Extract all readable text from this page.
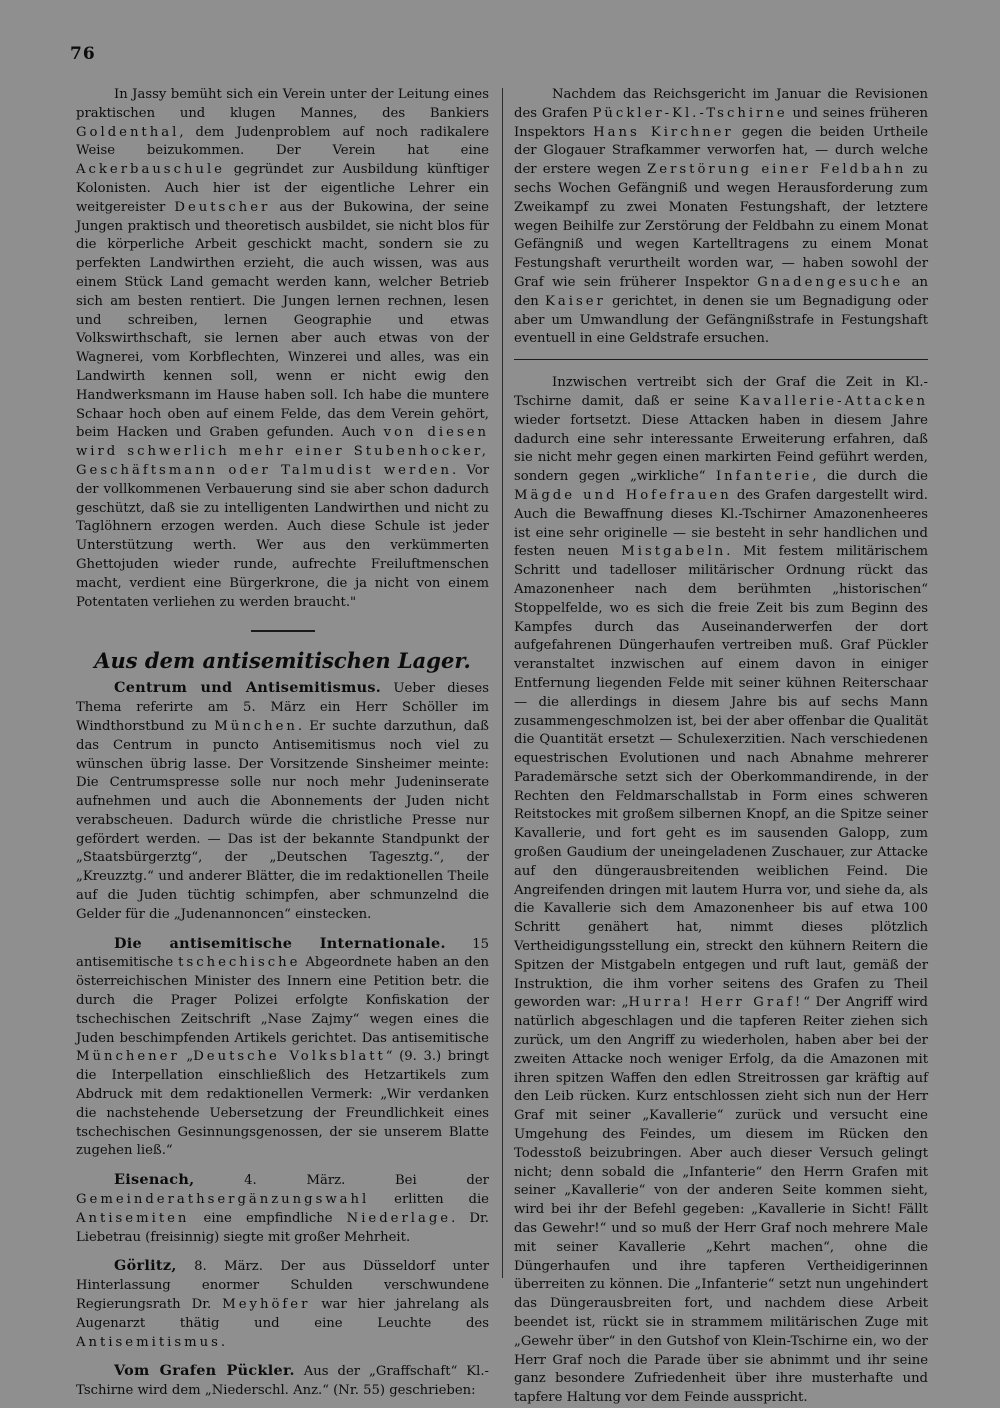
76

In Jassy bemüht sich ein Verein unter der Leitung eines praktischen und klugen Mannes, des Bankiers Goldenthal, dem Judenproblem auf noch radikalere Weise beizukommen. Der Verein hat eine Ackerbauschule gegründet zur Ausbildung künftiger Kolonisten. Auch hier ist der eigentliche Lehrer ein weitgereister Deutscher aus der Bukowina, der seine Jungen praktisch und theoretisch ausbildet, sie nicht blos für die körperliche Arbeit geschickt macht, sondern sie zu perfekten Landwirthen erzieht, die auch wissen, was aus einem Stück Land gemacht werden kann, welcher Betrieb sich am besten rentiert. Die Jungen lernen rechnen, lesen und schreiben, lernen Geographie und etwas Volkswirthschaft, sie lernen aber auch etwas von der Wagnerei, vom Korbflechten, Winzerei und alles, was ein Landwirth kennen soll, wenn er nicht ewig den Handwerksmann im Hause haben soll. Ich habe die muntere Schaar hoch oben auf einem Felde, das dem Verein gehört, beim Hacken und Graben gefunden. Auch von diesen wird schwerlich mehr einer Stubenhocker, Geschäftsmann oder Talmudist werden. Vor der vollkommenen Verbauerung sind sie aber schon dadurch geschützt, daß sie zu intelligenten Landwirthen und nicht zu Taglöhnern erzogen werden. Auch diese Schule ist jeder Unterstützung werth. Wer aus den verkümmerten Ghettojuden wieder runde, aufrechte Freiluftmenschen macht, verdient eine Bürgerkrone, die ja nicht von einem Potentaten verliehen zu werden braucht."

Aus dem antisemitischen Lager.

Centrum und Antisemitismus. Ueber dieses Thema referirte am 5. März ein Herr Schöller im Windthorstbund zu München. Er suchte darzuthun, daß das Centrum in puncto Antisemitismus noch viel zu wünschen übrig lasse. Der Vorsitzende Sinsheimer meinte: Die Centrumspresse solle nur noch mehr Judeninserate aufnehmen und auch die Abonnements der Juden nicht verabscheuen. Dadurch würde die christliche Presse nur gefördert werden. — Das ist der bekannte Standpunkt der „Staatsbürgerztg“, der „Deutschen Tagesztg.“, der „Kreuzztg.“ und anderer Blätter, die im redaktionellen Theile auf die Juden tüchtig schimpfen, aber schmunzelnd die Gelder für die „Judenannoncen“ einstecken.

Die antisemitische Internationale. 15 antisemitische tschechische Abgeordnete haben an den österreichischen Minister des Innern eine Petition betr. die durch die Prager Polizei erfolgte Konfiskation der tschechischen Zeitschrift „Nase Zajmy“ wegen eines die Juden beschimpfenden Artikels gerichtet. Das antisemitische Münchener „Deutsche Volksblatt“ (9. 3.) bringt die Interpellation einschließlich des Hetzartikels zum Abdruck mit dem redaktionellen Vermerk: „Wir verdanken die nachstehende Uebersetzung der Freundlichkeit eines tschechischen Gesinnungsgenossen, der sie unserem Blatte zugehen ließ.“

Eisenach, 4. März. Bei der Gemeinderathsergänzungswahl erlitten die Antisemiten eine empfindliche Niederlage. Dr. Liebetrau (freisinnig) siegte mit großer Mehrheit.

Görlitz, 8. März. Der aus Düsseldorf unter Hinterlassung enormer Schulden verschwundene Regierungsrath Dr. Meyhöfer war hier jahrelang als Augenarzt thätig und eine Leuchte des Antisemitismus.

Vom Grafen Pückler. Aus der „Graffschaft“ Kl.-Tschirne wird dem „Niederschl. Anz.“ (Nr. 55) geschrieben:

Nachdem das Reichsgericht im Januar die Revisionen des Grafen Pückler-Kl.-Tschirne und seines früheren Inspektors Hans Kirchner gegen die beiden Urtheile der Glogauer Strafkammer verworfen hat, — durch welche der erstere wegen Zerstörung einer Feldbahn zu sechs Wochen Gefängniß und wegen Herausforderung zum Zweikampf zu zwei Monaten Festungshaft, der letztere wegen Beihilfe zur Zerstörung der Feldbahn zu einem Monat Gefängniß und wegen Kartelltragens zu einem Monat Festungshaft verurtheilt worden war, — haben sowohl der Graf wie sein früherer Inspektor Gnadengesuche an den Kaiser gerichtet, in denen sie um Begnadigung oder aber um Umwandlung der Gefängnißstrafe in Festungshaft eventuell in eine Geldstrafe ersuchen.

Inzwischen vertreibt sich der Graf die Zeit in Kl.-Tschirne damit, daß er seine Kavallerie-Attacken wieder fortsetzt. Diese Attacken haben in diesem Jahre dadurch eine sehr interessante Erweiterung erfahren, daß sie nicht mehr gegen einen markirten Feind geführt werden, sondern gegen „wirkliche“ Infanterie, die durch die Mägde und Hofefrauen des Grafen dargestellt wird. Auch die Bewaffnung dieses Kl.-Tschirner Amazonenheeres ist eine sehr originelle — sie besteht in sehr handlichen und festen neuen Mistgabeln. Mit festem militärischem Schritt und tadelloser militärischer Ordnung rückt das Amazonenheer nach dem berühmten „historischen“ Stoppelfelde, wo es sich die freie Zeit bis zum Beginn des Kampfes durch das Auseinanderwerfen der dort aufgefahrenen Düngerhaufen vertreiben muß. Graf Pückler veranstaltet inzwischen auf einem davon in einiger Entfernung liegenden Felde mit seiner kühnen Reiterschaar — die allerdings in diesem Jahre bis auf sechs Mann zusammengeschmolzen ist, bei der aber offenbar die Qualität die Quantität ersetzt — Schulexerzitien. Nach verschiedenen equestrischen Evolutionen und nach Abnahme mehrerer Parademärsche setzt sich der Oberkommandirende, in der Rechten den Feldmarschallstab in Form eines schweren Reitstockes mit großem silbernen Knopf, an die Spitze seiner Kavallerie, und fort geht es im sausenden Galopp, zum großen Gaudium der uneingeladenen Zuschauer, zur Attacke auf den düngerausbreitenden weiblichen Feind. Die Angreifenden dringen mit lautem Hurra vor, und siehe da, als die Kavallerie sich dem Amazonenheer bis auf etwa 100 Schritt genähert hat, nimmt dieses plötzlich Vertheidigungsstellung ein, streckt den kühnern Reitern die Spitzen der Mistgabeln entgegen und ruft laut, gemäß der Instruktion, die ihm vorher seitens des Grafen zu Theil geworden war: „Hurra! Herr Graf!“ Der Angriff wird natürlich abgeschlagen und die tapferen Reiter ziehen sich zurück, um den Angriff zu wiederholen, haben aber bei der zweiten Attacke noch weniger Erfolg, da die Amazonen mit ihren spitzen Waffen den edlen Streitrossen gar kräftig auf den Leib rücken. Kurz entschlossen zieht sich nun der Herr Graf mit seiner „Kavallerie“ zurück und versucht eine Umgehung des Feindes, um diesem im Rücken den Todesstoß beizubringen. Aber auch dieser Versuch gelingt nicht; denn sobald die „Infanterie“ den Herrn Grafen mit seiner „Kavallerie“ von der anderen Seite kommen sieht, wird bei ihr der Befehl gegeben: „Kavallerie in Sicht! Fällt das Gewehr!“ und so muß der Herr Graf noch mehrere Male mit seiner Kavallerie „Kehrt machen“, ohne die Düngerhaufen und ihre tapferen Vertheidigerinnen überreiten zu können. Die „Infanterie“ setzt nun ungehindert das Düngerausbreiten fort, und nachdem diese Arbeit beendet ist, rückt sie in strammem militärischen Zuge mit „Gewehr über“ in den Gutshof von Klein-Tschirne ein, wo der Herr Graf noch die Parade über sie abnimmt und ihr seine ganz besondere Zufriedenheit über ihre musterhafte und tapfere Haltung vor dem Feinde ausspricht.
